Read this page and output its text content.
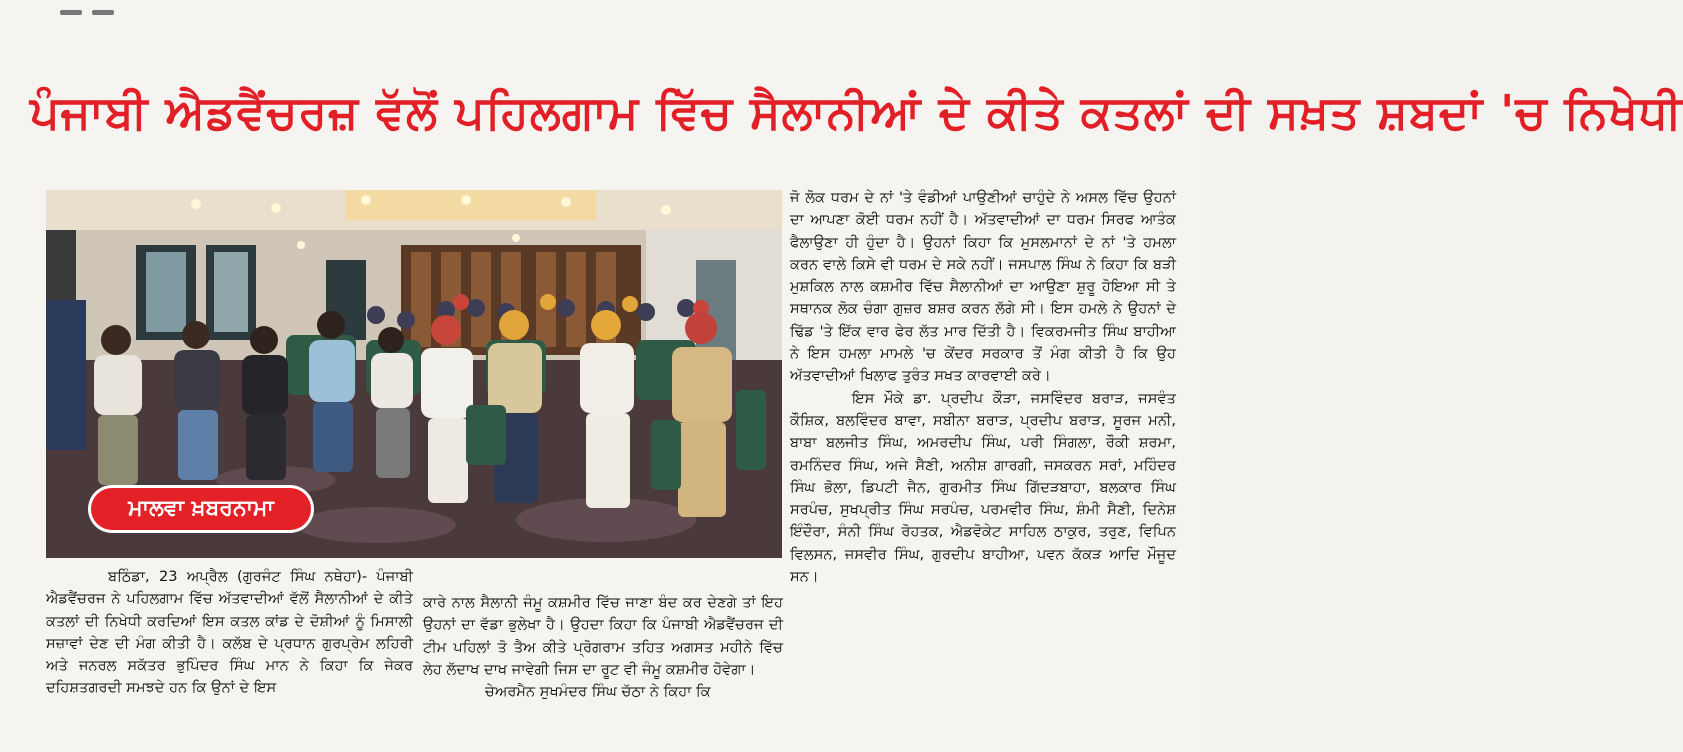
ਪੰਜਾਬੀ ਐਡਵੈਂਚਰਜ਼ ਵੱਲੋਂ ਪਹਿਲਗਾਮ ਵਿੱਚ ਸੈਲਾਨੀਆਂ ਦੇ ਕੀਤੇ ਕਤਲਾਂ ਦੀ ਸਖ਼ਤ ਸ਼ਬਦਾਂ 'ਚ ਨਿਖੇਧੀ
ਮਾਲਵਾ ਖ਼ਬਰਨਾਮਾ

ਬਠਿੰਡਾ, 23 ਅਪ੍ਰੈਲ (ਗੁਰਜੰਟ ਸਿੰਘ ਨਥੇਹਾ)- ਪੰਜਾਬੀ ਐਡਵੈਂਚਰਜ ਨੇ ਪਹਿਲਗਾਮ ਵਿੱਚ ਅੱਤਵਾਦੀਆਂ ਵੱਲੋਂ ਸੈਲਾਨੀਆਂ ਦੇ ਕੀਤੇ ਕਤਲਾਂ ਦੀ ਨਿਖੇਧੀ ਕਰਦਿਆਂ ਇਸ ਕਤਲ ਕਾਂਡ ਦੇ ਦੋਸ਼ੀਆਂ ਨੂੰ ਮਿਸਾਲੀ ਸਜ਼ਾਵਾਂ ਦੇਣ ਦੀ ਮੰਗ ਕੀਤੀ ਹੈ। ਕਲੱਬ ਦੇ ਪ੍ਰਧਾਨ ਗੁਰਪ੍ਰੇਮ ਲਹਿਰੀ ਅਤੇ ਜਨਰਲ ਸਕੱਤਰ ਭੁਪਿੰਦਰ ਸਿੰਘ ਮਾਨ ਨੇ ਕਿਹਾ ਕਿ ਜੇਕਰ ਦਹਿਸ਼ਤਗਰਦੀ ਸਮਝਦੇ ਹਨ ਕਿ ਉਨਾਂ ਦੇ ਇਸ

ਕਾਰੇ ਨਾਲ ਸੈਲਾਨੀ ਜੰਮੂ ਕਸ਼ਮੀਰ ਵਿੱਚ ਜਾਣਾ ਬੰਦ ਕਰ ਦੇਣਗੇ ਤਾਂ ਇਹ ਉਹਨਾਂ ਦਾ ਵੱਡਾ ਭੁਲੇਖਾ ਹੈ। ਉਹਦਾ ਕਿਹਾ ਕਿ ਪੰਜਾਬੀ ਐਡਵੈਂਚਰਜ ਦੀ ਟੀਮ ਪਹਿਲਾਂ ਤੋ ਤੈਅ ਕੀਤੇ ਪ੍ਰੋਗਰਾਮ ਤਹਿਤ ਅਗਸਤ ਮਹੀਨੇ ਵਿੱਚ ਲੇਹ ਲੱਦਾਖ ਦਾਖ ਜਾਵੇਗੀ ਜਿਸ ਦਾ ਰੂਟ ਵੀ ਜੰਮੂ ਕਸ਼ਮੀਰ ਹੋਵੇਗਾ।

ਚੇਅਰਮੈਨ ਸੁਖਮੰਦਰ ਸਿੰਘ ਚੱਠਾ ਨੇ ਕਿਹਾ ਕਿ

ਜੋ ਲੋਕ ਧਰਮ ਦੇ ਨਾਂ 'ਤੇ ਵੰਡੀਆਂ ਪਾਉਣੀਆਂ ਚਾਹੁੰਦੇ ਨੇ ਅਸਲ ਵਿੱਚ ਉਹਨਾਂ ਦਾ ਆਪਣਾ ਕੋਈ ਧਰਮ ਨਹੀਂ ਹੈ। ਅੱਤਵਾਦੀਆਂ ਦਾ ਧਰਮ ਸਿਰਫ ਆਤੰਕ ਫੈਲਾਉਣਾ ਹੀ ਹੁੰਦਾ ਹੈ। ਉਹਨਾਂ ਕਿਹਾ ਕਿ ਮੁਸਲਮਾਨਾਂ ਦੇ ਨਾਂ 'ਤੇ ਹਮਲਾ ਕਰਨ ਵਾਲੇ ਕਿਸੇ ਵੀ ਧਰਮ ਦੇ ਸਕੇ ਨਹੀਂ। ਜਸਪਾਲ ਸਿੰਘ ਨੇ ਕਿਹਾ ਕਿ ਬੜੀ ਮੁਸ਼ਕਿਲ ਨਾਲ ਕਸ਼ਮੀਰ ਵਿੱਚ ਸੈਲਾਨੀਆਂ ਦਾ ਆਉਣਾ ਸ਼ੁਰੂ ਹੋਇਆ ਸੀ ਤੇ ਸਥਾਨਕ ਲੋਕ ਚੰਗਾ ਗੁਜ਼ਰ ਬਸ਼ਰ ਕਰਨ ਲੱਗੇ ਸੀ। ਇਸ ਹਮਲੇ ਨੇ ਉਹਨਾਂ ਦੇ ਢਿੱਡ 'ਤੇ ਇੱਕ ਵਾਰ ਫੇਰ ਲੱਤ ਮਾਰ ਦਿੱਤੀ ਹੈ। ਵਿਕਰਮਜੀਤ ਸਿੰਘ ਬਾਹੀਆ ਨੇ ਇਸ ਹਮਲਾ ਮਾਮਲੇ 'ਚ ਕੇਂਦਰ ਸਰਕਾਰ ਤੋਂ ਮੰਗ ਕੀਤੀ ਹੈ ਕਿ ਉਹ ਅੱਤਵਾਦੀਆਂ ਖਿਲਾਫ ਤੁਰੰਤ ਸਖਤ ਕਾਰਵਾਈ ਕਰੇ।

ਇਸ ਮੌਕੇ ਡਾ. ਪ੍ਰਦੀਪ ਕੌੜਾ, ਜਸਵਿੰਦਰ ਬਰਾੜ, ਜਸਵੰਤ ਕੌਸ਼ਿਕ, ਬਲਵਿੰਦਰ ਬਾਵਾ, ਸਬੀਨਾ ਬਰਾੜ, ਪ੍ਰਦੀਪ ਬਰਾੜ, ਸੂਰਜ ਮਨੀ, ਬਾਬਾ ਬਲਜੀਤ ਸਿੰਘ, ਅਮਰਦੀਪ ਸਿੰਘ, ਪਰੀ ਸਿੰਗਲਾ, ਰੌਕੀ ਸ਼ਰਮਾ, ਰਮਨਿੰਦਰ ਸਿੰਘ, ਅਜੇ ਸੈਣੀ, ਅਨੀਸ਼ ਗਾਰਗੀ, ਜਸਕਰਨ ਸਰਾਂ, ਮਹਿੰਦਰ ਸਿੰਘ ਭੋਲਾ, ਡਿਪਟੀ ਜੈਨ, ਗੁਰਮੀਤ ਸਿੰਘ ਗਿੱਦੜਬਾਹਾ, ਬਲਕਾਰ ਸਿੰਘ ਸਰਪੰਚ, ਸੁਖਪ੍ਰੀਤ ਸਿੰਘ ਸਰਪੰਚ, ਪਰਮਵੀਰ ਸਿੰਘ, ਸ਼ੰਮੀ ਸੈਣੀ, ਦਿਨੇਸ਼ ਇੰਦੌਰਾ, ਸੰਨੀ ਸਿੰਘ ਰੋਹਤਕ, ਐਡਵੋਕੇਟ ਸਾਹਿਲ ਠਾਕੁਰ, ਤਰੁਣ, ਵਿਪਿਨ ਵਿਲਸਨ, ਜਸਵੀਰ ਸਿੰਘ, ਗੁਰਦੀਪ ਬਾਹੀਆ, ਪਵਨ ਕੱਕੜ ਆਦਿ ਮੌਜੂਦ ਸਨ।
